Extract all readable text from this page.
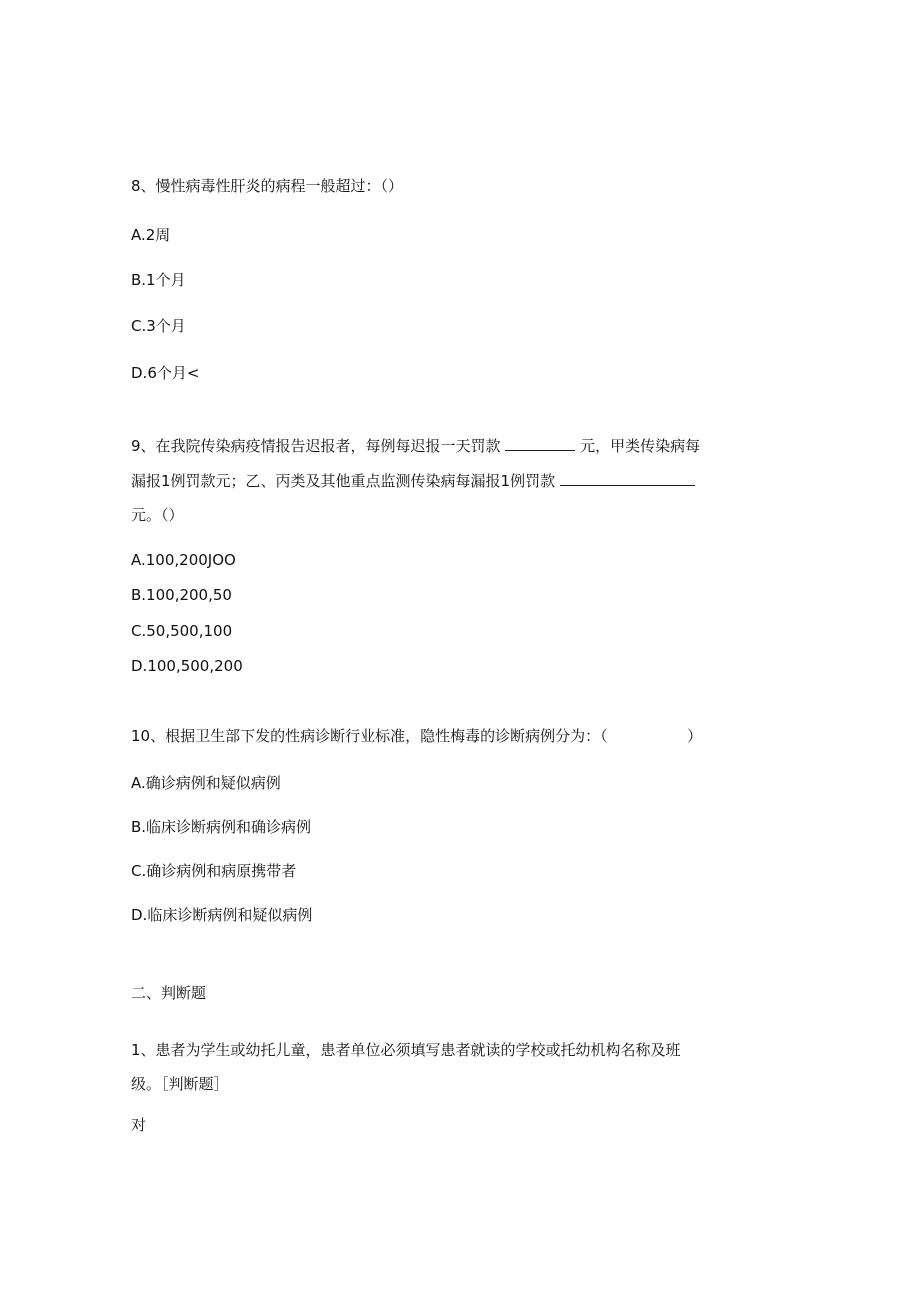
8、慢性病毒性肝炎的病程一般超过：（）
A.2周
B.1个月
C.3个月
D.6个月<
9、在我院传染病疫情报告迟报者，每例每迟报一天罚款	元，甲类传染病每
漏报1例罚款元；乙、丙类及其他重点监测传染病每漏报1例罚款
元。（）
A.100,200JOO
B.100,200,50
C.50,500,100
D.100,500,200
10、根据卫生部下发的性病诊断行业标准，隐性梅毒的诊断病例分为：（	）
A.确诊病例和疑似病例
B.临床诊断病例和确诊病例
C.确诊病例和病原携带者
D.临床诊断病例和疑似病例
二、判断题
1、患者为学生或幼托儿童，患者单位必须填写患者就读的学校或托幼机构名称及班
级。［判断题］
对
